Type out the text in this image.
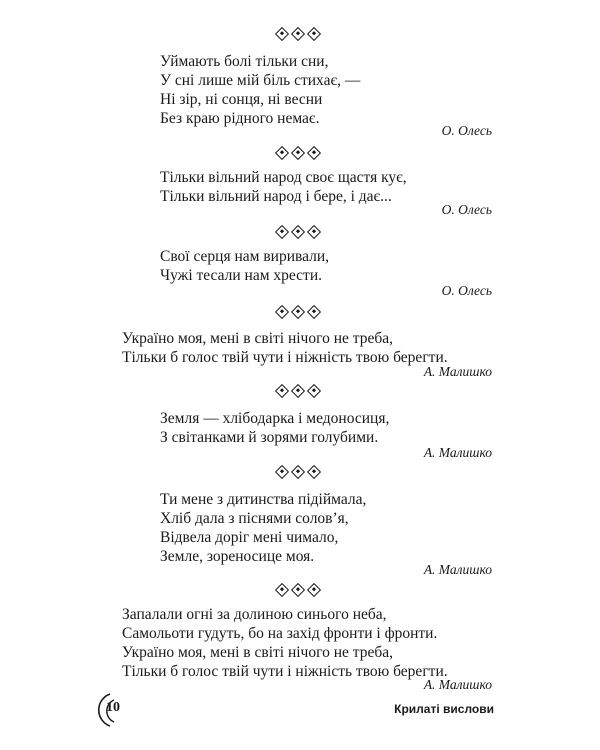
Уймають болі тільки сни,
У сні лише мій біль стихає, —
Ні зір, ні сонця, ні весни
Без краю рідного немає.
О. Олесь
Тільки вільний народ своє щастя кує,
Тільки вільний народ і бере, і дає...
О. Олесь
Свої серця нам виривали,
Чужі тесали нам хрести.
О. Олесь
Україно моя, мені в світі нічого не треба,
Тільки б голос твій чути і ніжність твою берегти.
А. Малишко
Земля — хлібодарка і медоносиця,
З світанками й зорями голубими.
А. Малишко
Ти мене з дитинства підіймала,
Хліб дала з піснями солов’я,
Відвела доріг мені чимало,
Земле, зореносице моя.
А. Малишко
Запалали огні за долиною синього неба,
Самольоти гудуть, бо на захід фронти і фронти.
Україно моя, мені в світі нічого не треба,
Тільки б голос твій чути і ніжність твою берегти.
А. Малишко
10	Крилаті вислови
